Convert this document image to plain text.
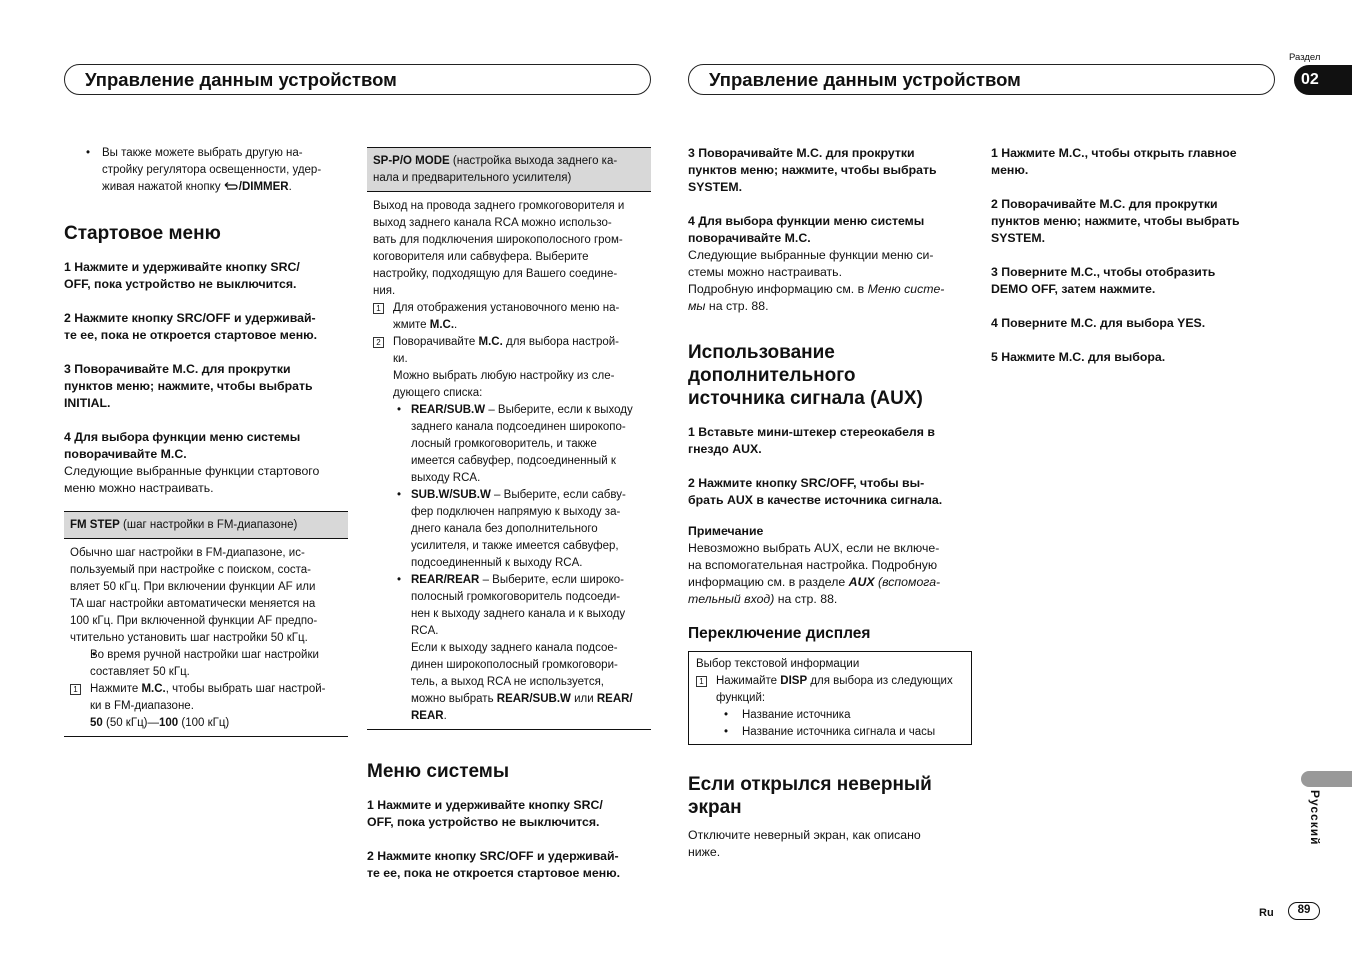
Управление данным устройством	Управление данным устройством
Раздел
02
Русский
Ru	89
• Вы также можете выбрать другую на-
стройку регулятора освещенности, удер-
живая нажатой кнопку /DIMMER.
Стартовое меню
1 Нажмите и удерживайте кнопку SRC/
OFF, пока устройство не выключится.
2 Нажмите кнопку SRC/OFF и удерживай-
те ее, пока не откроется стартовое меню.
3 Поворачивайте M.C. для прокрутки
пунктов меню; нажмите, чтобы выбрать
INITIAL.
4 Для выбора функции меню системы
поворачивайте M.C.
Следующие выбранные функции стартового
меню можно настраивать.
FM STEP (шаг настройки в FM-диапазоне)
Обычно шаг настройки в FM-диапазоне, ис-
пользуемый при настройке с поиском, соста-
вляет 50 кГц. При включении функции AF или
TA шаг настройки автоматически меняется на
100 кГц. При включенной функции AF предпо-
чтительно установить шаг настройки 50 кГц.
• Во время ручной настройки шаг настройки
составляет 50 кГц.
1 Нажмите M.C., чтобы выбрать шаг настрой-
ки в FM-диапазоне.
50 (50 кГц)—100 (100 кГц)
SP-P/O MODE (настройка выхода заднего ка-
нала и предварительного усилителя)
Выход на провода заднего громкоговорителя и
выход заднего канала RCA можно использо-
вать для подключения широкополосного гром-
коговорителя или сабвуфера. Выберите
настройку, подходящую для Вашего соедине-
ния.
1 Для отображения установочного меню на-
жмите M.C..
2 Поворачивайте M.C. для выбора настрой-
ки.
Можно выбрать любую настройку из сле-
дующего списка:
• REAR/SUB.W – Выберите, если к выходу
заднего канала подсоединен широкопо-
лосный громкоговоритель, и также
имеется сабвуфер, подсоединенный к
выходу RCA.
• SUB.W/SUB.W – Выберите, если сабву-
фер подключен напрямую к выходу за-
днего канала без дополнительного
усилителя, и также имеется сабвуфер,
подсоединенный к выходу RCA.
• REAR/REAR – Выберите, если широко-
полосный громкоговоритель подсоеди-
нен к выходу заднего канала и к выходу
RCA.
Если к выходу заднего канала подсое-
динен широкополосный громкоговори-
тель, а выход RCA не используется,
можно выбрать REAR/SUB.W или REAR/
REAR.
Меню системы
1 Нажмите и удерживайте кнопку SRC/
OFF, пока устройство не выключится.
2 Нажмите кнопку SRC/OFF и удерживай-
те ее, пока не откроется стартовое меню.
3 Поворачивайте M.C. для прокрутки
пунктов меню; нажмите, чтобы выбрать
SYSTEM.
4 Для выбора функции меню системы
поворачивайте M.C.
Следующие выбранные функции меню си-
стемы можно настраивать.
Подробную информацию см. в Меню систе-
мы на стр. 88.
Использование
дополнительного
источника сигнала (AUX)
1 Вставьте мини-штекер стереокабеля в
гнездо AUX.
2 Нажмите кнопку SRC/OFF, чтобы вы-
брать AUX в качестве источника сигнала.
Примечание
Невозможно выбрать AUX, если не включе-
на вспомогательная настройка. Подробную
информацию см. в разделе AUX (вспомога-
тельный вход) на стр. 88.
Переключение дисплея
Выбор текстовой информации
1 Нажимайте DISP для выбора из следующих
функций:
• Название источника
• Название источника сигнала и часы
Если открылся неверный
экран
Отключите неверный экран, как описано
ниже.
1 Нажмите M.C., чтобы открыть главное
меню.
2 Поворачивайте M.C. для прокрутки
пунктов меню; нажмите, чтобы выбрать
SYSTEM.
3 Поверните M.C., чтобы отобразить
DEMO OFF, затем нажмите.
4 Поверните M.C. для выбора YES.
5 Нажмите M.C. для выбора.
